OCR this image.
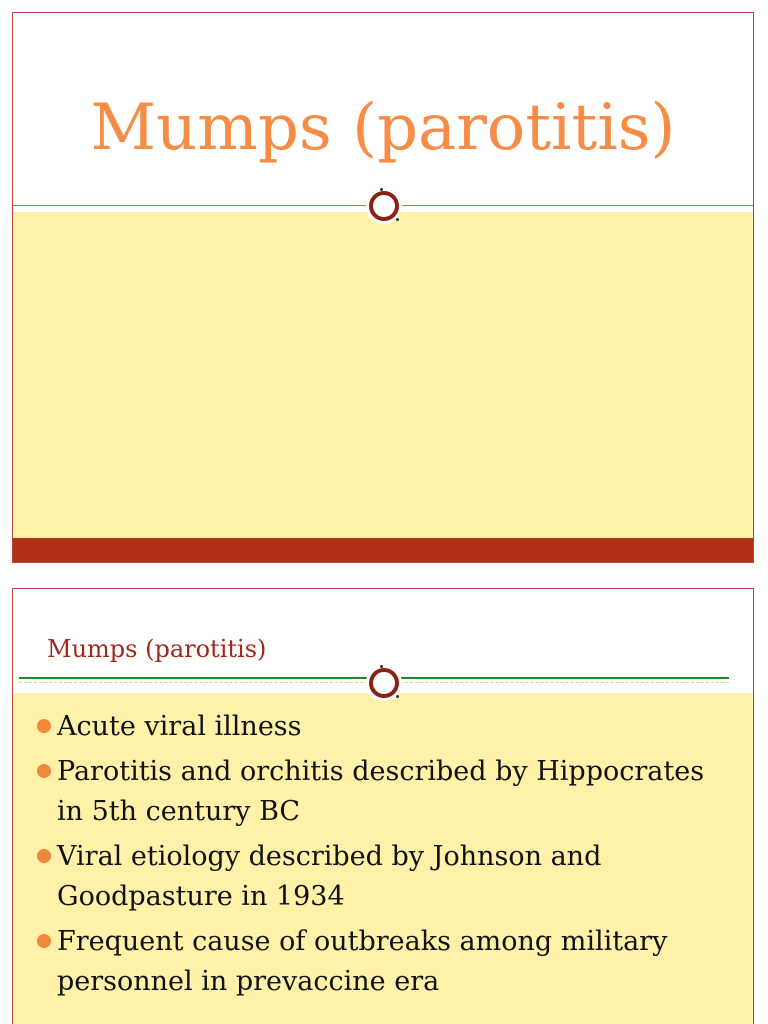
Mumps (parotitis)
Mumps (parotitis)
Acute viral illness
Parotitis and orchitis described by Hippocrates in 5th century BC
Viral etiology described by Johnson and Goodpasture in 1934
Frequent cause of outbreaks among military personnel in prevaccine era
